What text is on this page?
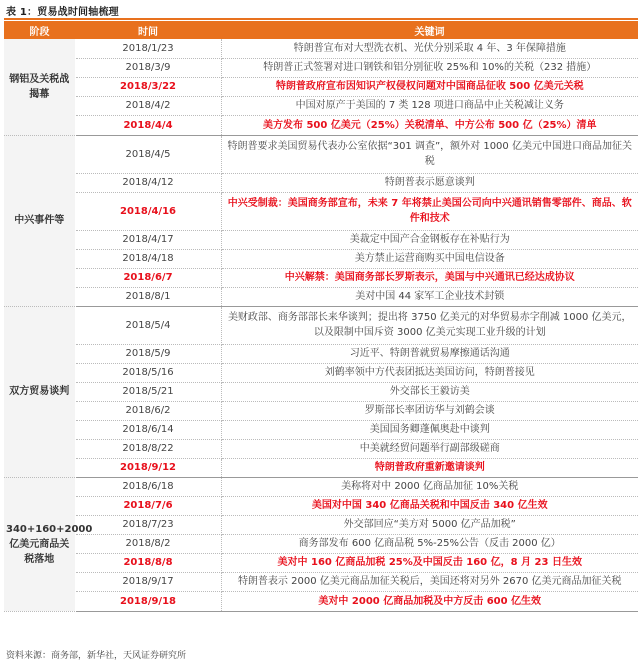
表 1：贸易战时间轴梳理
阶段	时间	关键词
钢铝及关税战揭幕	2018/1/23	特朗普宣布对大型洗衣机、光伏分别采取 4 年、3 年保障措施
	2018/3/9	特朗普正式签署对进口钢铁和铝分别征收 25%和 10%的关税（232 措施）
	2018/3/22	特朗普政府宣布因知识产权侵权问题对中国商品征收 500 亿美元关税
	2018/4/2	中国对原产于美国的 7 类 128 项进口商品中止关税减让义务
	2018/4/4	美方发布 500 亿美元（25%）关税清单、中方公布 500 亿（25%）清单
中兴事件等	2018/4/5	特朗普要求美国贸易代表办公室依据“301 调查”，额外对 1000 亿美元中国进口商品加征关税
	2018/4/12	特朗普表示愿意谈判
	2018/4/16	中兴受制裁：美国商务部宣布，未来 7 年将禁止美国公司向中兴通讯销售零部件、商品、软件和技术
	2018/4/17	美裁定中国产合金钢板存在补贴行为
	2018/4/18	美方禁止运营商购买中国电信设备
	2018/6/7	中兴解禁：美国商务部长罗斯表示，美国与中兴通讯已经达成协议
	2018/8/1	美对中国 44 家军工企业技术封锁
双方贸易谈判	2018/5/4	美财政部、商务部部长来华谈判；提出将 3750 亿美元的对华贸易赤字削减 1000 亿美元，以及限制中国斥资 3000 亿美元实现工业升级的计划
	2018/5/9	习近平、特朗普就贸易摩擦通话沟通
	2018/5/16	刘鹤率领中方代表团抵达美国访问，特朗普接见
	2018/5/21	外交部长王毅访美
	2018/6/2	罗斯部长率团访华与刘鹤会谈
	2018/6/14	美国国务卿蓬佩奥赴中谈判
	2018/8/22	中美就经贸问题举行副部级磋商
	2018/9/12	特朗普政府重新邀请谈判
340+160+2000 亿美元商品关税落地	2018/6/18	美称将对中 2000 亿商品加征 10%关税
	2018/7/6	美国对中国 340 亿商品关税和中国反击 340 亿生效
	2018/7/23	外交部回应“美方对 5000 亿产品加税”
	2018/8/2	商务部发布 600 亿商品税 5%-25%公告（反击 2000 亿）
	2018/8/8	美对中 160 亿商品加税 25%及中国反击 160 亿，8 月 23 日生效
	2018/9/17	特朗普表示 2000 亿美元商品加征关税后，美国还将对另外 2670 亿美元商品加征关税
	2018/9/18	美对中 2000 亿商品加税及中方反击 600 亿生效
资料来源：商务部，新华社，天风证券研究所
